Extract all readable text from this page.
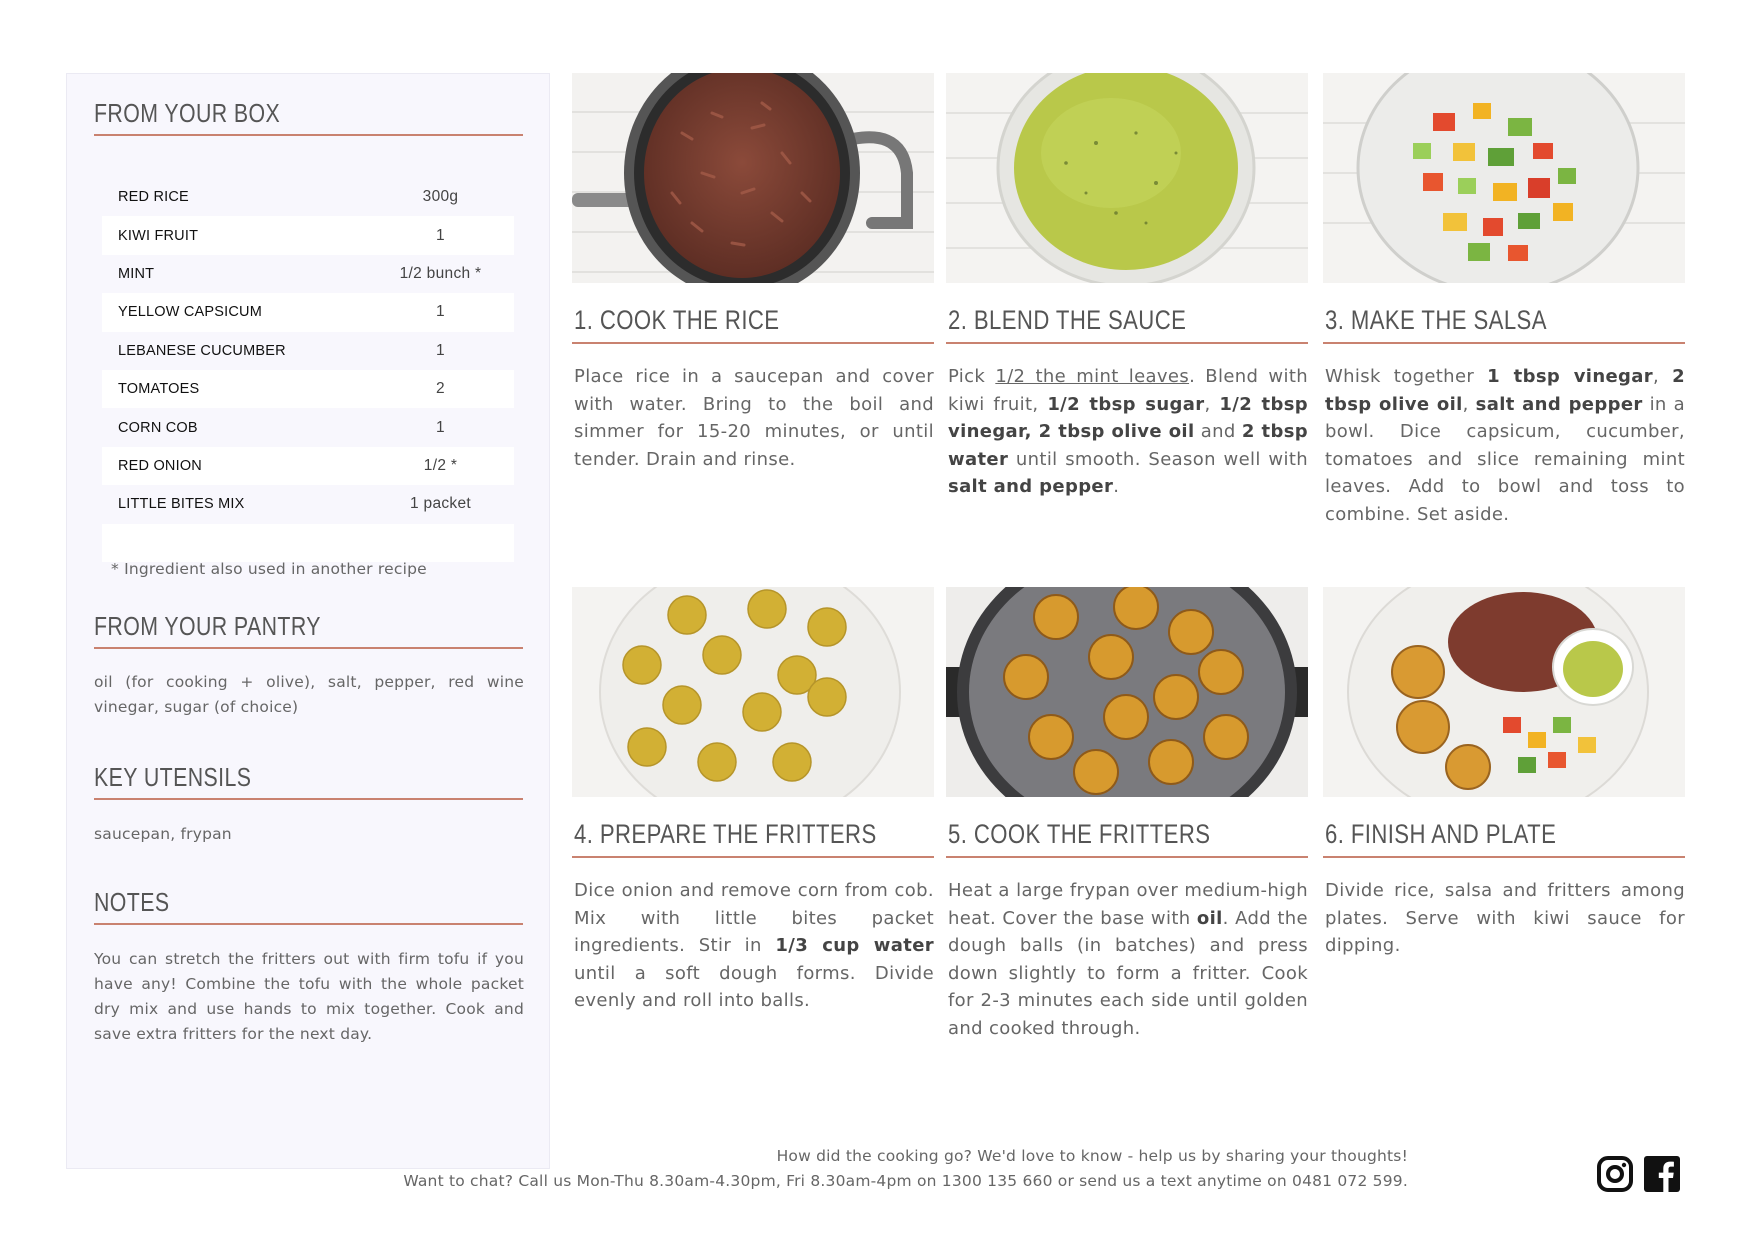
FROM YOUR BOX
RED RICE	300g
KIWI FRUIT	1
MINT	1/2 bunch *
YELLOW CAPSICUM	1
LEBANESE CUCUMBER	1
TOMATOES	2
CORN COB	1
RED ONION	1/2 *
LITTLE BITES MIX	1 packet
* Ingredient also used in another recipe
FROM YOUR PANTRY
oil (for cooking + olive), salt, pepper, red wine vinegar, sugar (of choice)
KEY UTENSILS
saucepan, frypan
NOTES
You can stretch the fritters out with firm tofu if you have any! Combine the tofu with the whole packet dry mix and use hands to mix together. Cook and save extra fritters for the next day.
1. COOK THE RICE
Place rice in a saucepan and cover with water. Bring to the boil and simmer for 15-20 minutes, or until tender. Drain and rinse.
2. BLEND THE SAUCE
Pick 1/2 the mint leaves. Blend with kiwi fruit, 1/2 tbsp sugar, 1/2 tbsp vinegar, 2 tbsp olive oil and 2 tbsp water until smooth. Season well with salt and pepper.
3. MAKE THE SALSA
Whisk together 1 tbsp vinegar, 2 tbsp olive oil, salt and pepper in a bowl. Dice capsicum, cucumber, tomatoes and slice remaining mint leaves. Add to bowl and toss to combine. Set aside.
4. PREPARE THE FRITTERS
Dice onion and remove corn from cob. Mix with little bites packet ingredients. Stir in 1/3 cup water until a soft dough forms. Divide evenly and roll into balls.
5. COOK THE FRITTERS
Heat a large frypan over medium-high heat. Cover the base with oil. Add the dough balls (in batches) and press down slightly to form a fritter. Cook for 2-3 minutes each side until golden and cooked through.
6. FINISH AND PLATE
Divide rice, salsa and fritters among plates. Serve with kiwi sauce for dipping.
How did the cooking go? We'd love to know - help us by sharing your thoughts!
Want to chat? Call us Mon-Thu 8.30am-4.30pm, Fri 8.30am-4pm on 1300 135 660 or send us a text anytime on 0481 072 599.
